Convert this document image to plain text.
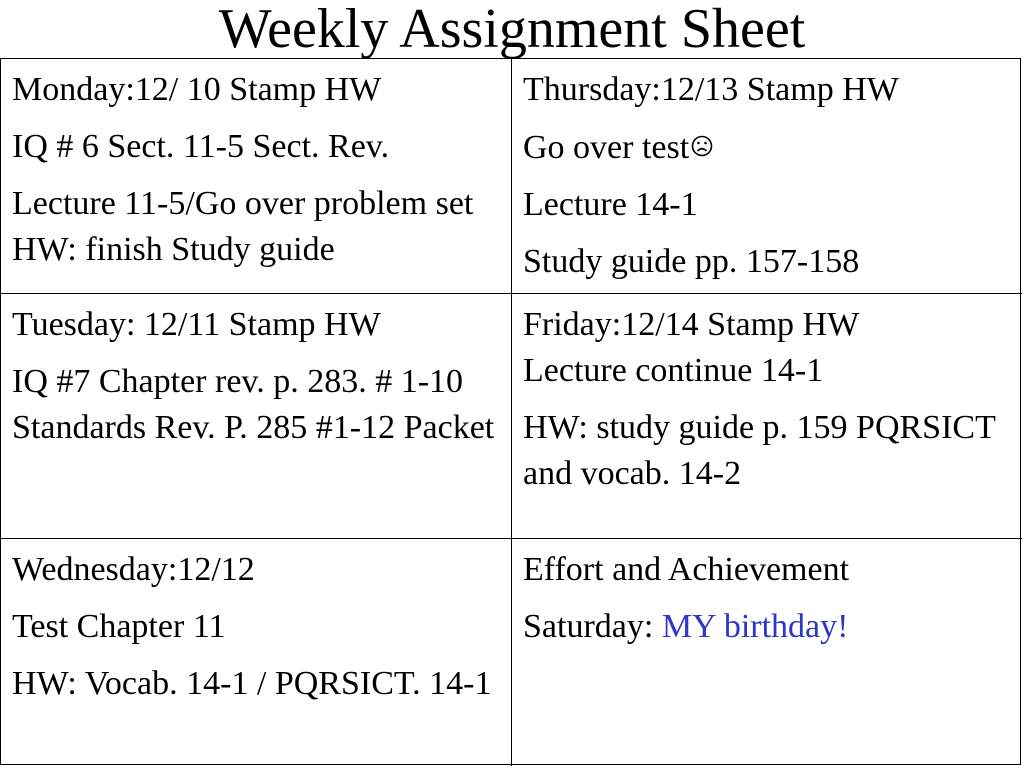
Weekly Assignment Sheet
Monday:12/ 10 Stamp HW
IQ # 6 Sect. 11-5 Sect. Rev.
Lecture 11-5/Go over problem set HW: finish Study guide
Thursday:12/13 Stamp HW
Go over test
Lecture 14-1
Study guide pp. 157-158
Tuesday: 12/11 Stamp HW
IQ #7 Chapter rev. p. 283. # 1-10 Standards Rev. P. 285 #1-12 Packet
Friday:12/14 Stamp HW
Lecture continue 14-1
HW: study guide p. 159 PQRSICT and vocab. 14-2
Wednesday:12/12
Test Chapter 11
HW: Vocab. 14-1 / PQRSICT. 14-1
Effort and Achievement
Saturday: MY birthday!
